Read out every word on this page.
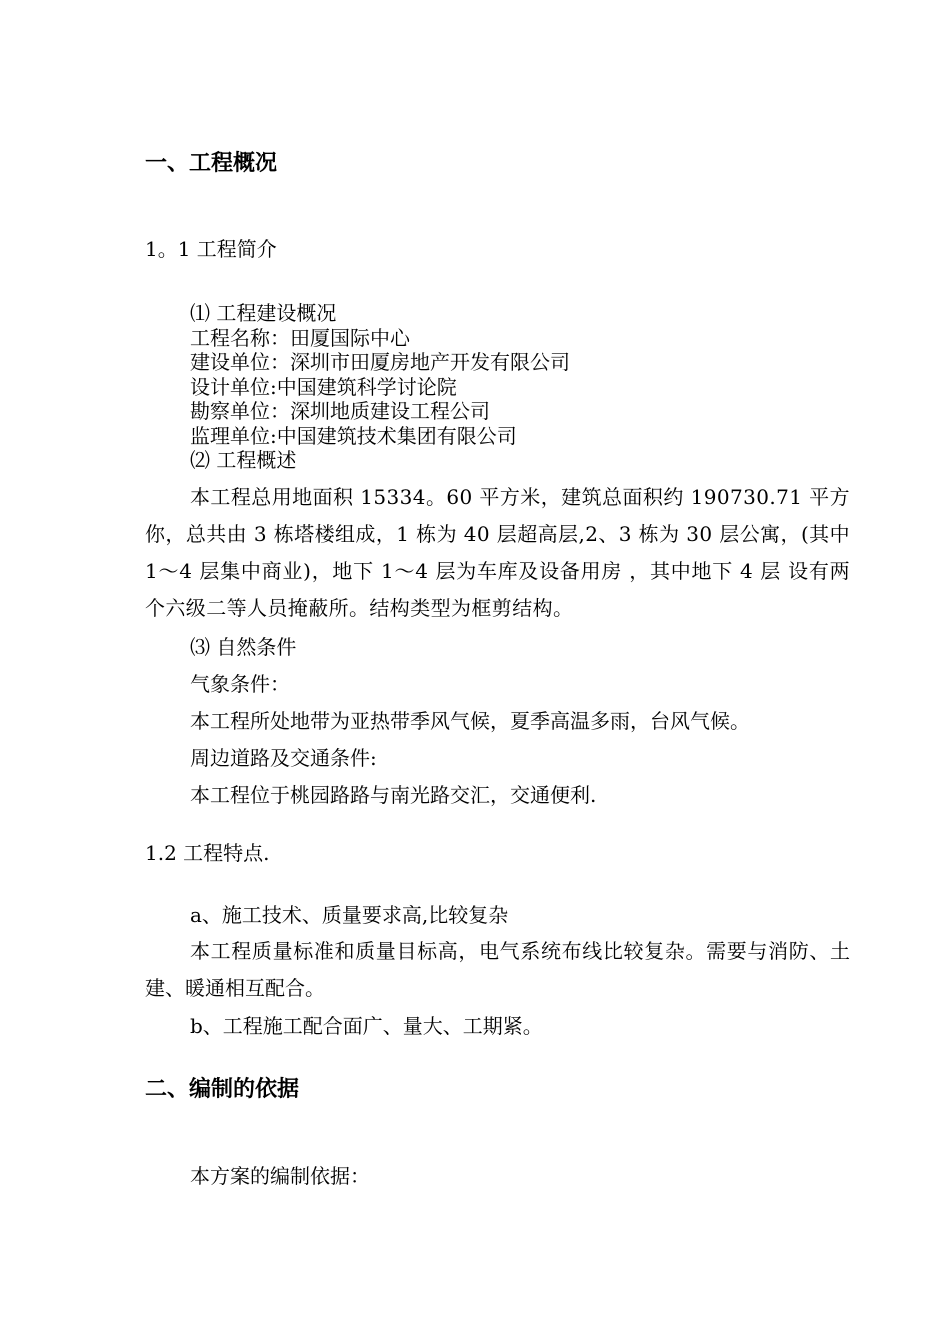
一、工程概况
1。1 工程简介
⑴ 工程建设概况
工程名称：田厦国际中心
建设单位：深圳市田厦房地产开发有限公司
设计单位:中国建筑科学讨论院
勘察单位：深圳地质建设工程公司
监理单位:中国建筑技术集团有限公司
⑵ 工程概述
本工程总用地面积 15334。60 平方米，建筑总面积约 190730.71 平方你，总共由 3 栋塔楼组成，1 栋为 40 层超高层,2、3 栋为 30 层公寓，(其中 1～4 层集中商业)，地下 1～4 层为车库及设备用房 ，其中地下 4 层 设有两个六级二等人员掩蔽所。结构类型为框剪结构。
⑶ 自然条件
气象条件：
本工程所处地带为亚热带季风气候，夏季高温多雨，台风气候。
周边道路及交通条件:
本工程位于桃园路路与南光路交汇，交通便利.
1.2 工程特点.
a、施工技术、质量要求高,比较复杂
本工程质量标准和质量目标高，电气系统布线比较复杂。需要与消防、土建、暖通相互配合。
b、工程施工配合面广、量大、工期紧。
二、编制的依据
本方案的编制依据：
